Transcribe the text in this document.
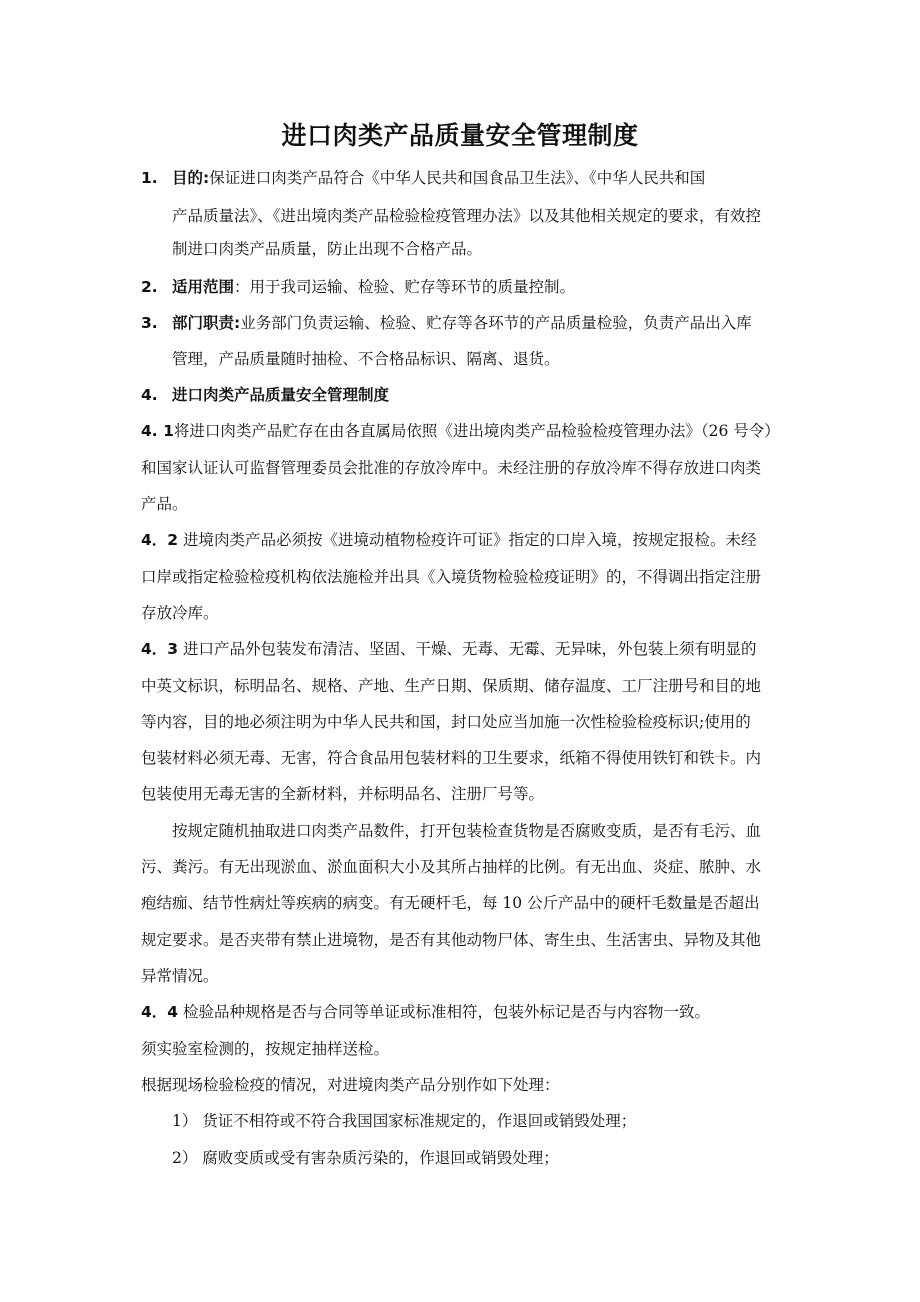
进口肉类产品质量安全管理制度
1. 目的:保证进口肉类产品符合《中华人民共和国食品卫生法》、《中华人民共和国
产品质量法》、《进出境肉类产品检验检疫管理办法》以及其他相关规定的要求，有效控
制进口肉类产品质量，防止出现不合格产品。
2. 适用范围：用于我司运输、检验、贮存等环节的质量控制。
3. 部门职责:业务部门负责运输、检验、贮存等各环节的产品质量检验，负责产品出入库
管理，产品质量随时抽检、不合格品标识、隔离、退货。
4. 进口肉类产品质量安全管理制度
4. 1将进口肉类产品贮存在由各直属局依照《进出境肉类产品检验检疫管理办法》（26 号令）
和国家认证认可监督管理委员会批准的存放冷库中。未经注册的存放冷库不得存放进口肉类
产品。
4．2 进境肉类产品必须按《进境动植物检疫许可证》指定的口岸入境，按规定报检。未经
口岸或指定检验检疫机构依法施检并出具《入境货物检验检疫证明》的，不得调出指定注册
存放冷库。
4．3 进口产品外包装发布清洁、坚固、干燥、无毒、无霉、无异味，外包装上须有明显的
中英文标识，标明品名、规格、产地、生产日期、保质期、储存温度、工厂注册号和目的地
等内容，目的地必须注明为中华人民共和国，封口处应当加施一次性检验检疫标识;使用的
包装材料必须无毒、无害，符合食品用包装材料的卫生要求，纸箱不得使用铁钉和铁卡。内
包装使用无毒无害的全新材料，并标明品名、注册厂号等。
按规定随机抽取进口肉类产品数件，打开包装检查货物是否腐败变质，是否有毛污、血
污、粪污。有无出现淤血、淤血面积大小及其所占抽样的比例。有无出血、炎症、脓肿、水
疱结痂、结节性病灶等疾病的病变。有无硬杆毛，每 10 公斤产品中的硬杆毛数量是否超出
规定要求。是否夹带有禁止进境物，是否有其他动物尸体、寄生虫、生活害虫、异物及其他
异常情况。
4．4 检验品种规格是否与合同等单证或标准相符，包装外标记是否与内容物一致。
须实验室检测的，按规定抽样送检。
根据现场检验检疫的情况，对进境肉类产品分别作如下处理：
1） 货证不相符或不符合我国国家标准规定的，作退回或销毁处理；
2） 腐败变质或受有害杂质污染的，作退回或销毁处理；
